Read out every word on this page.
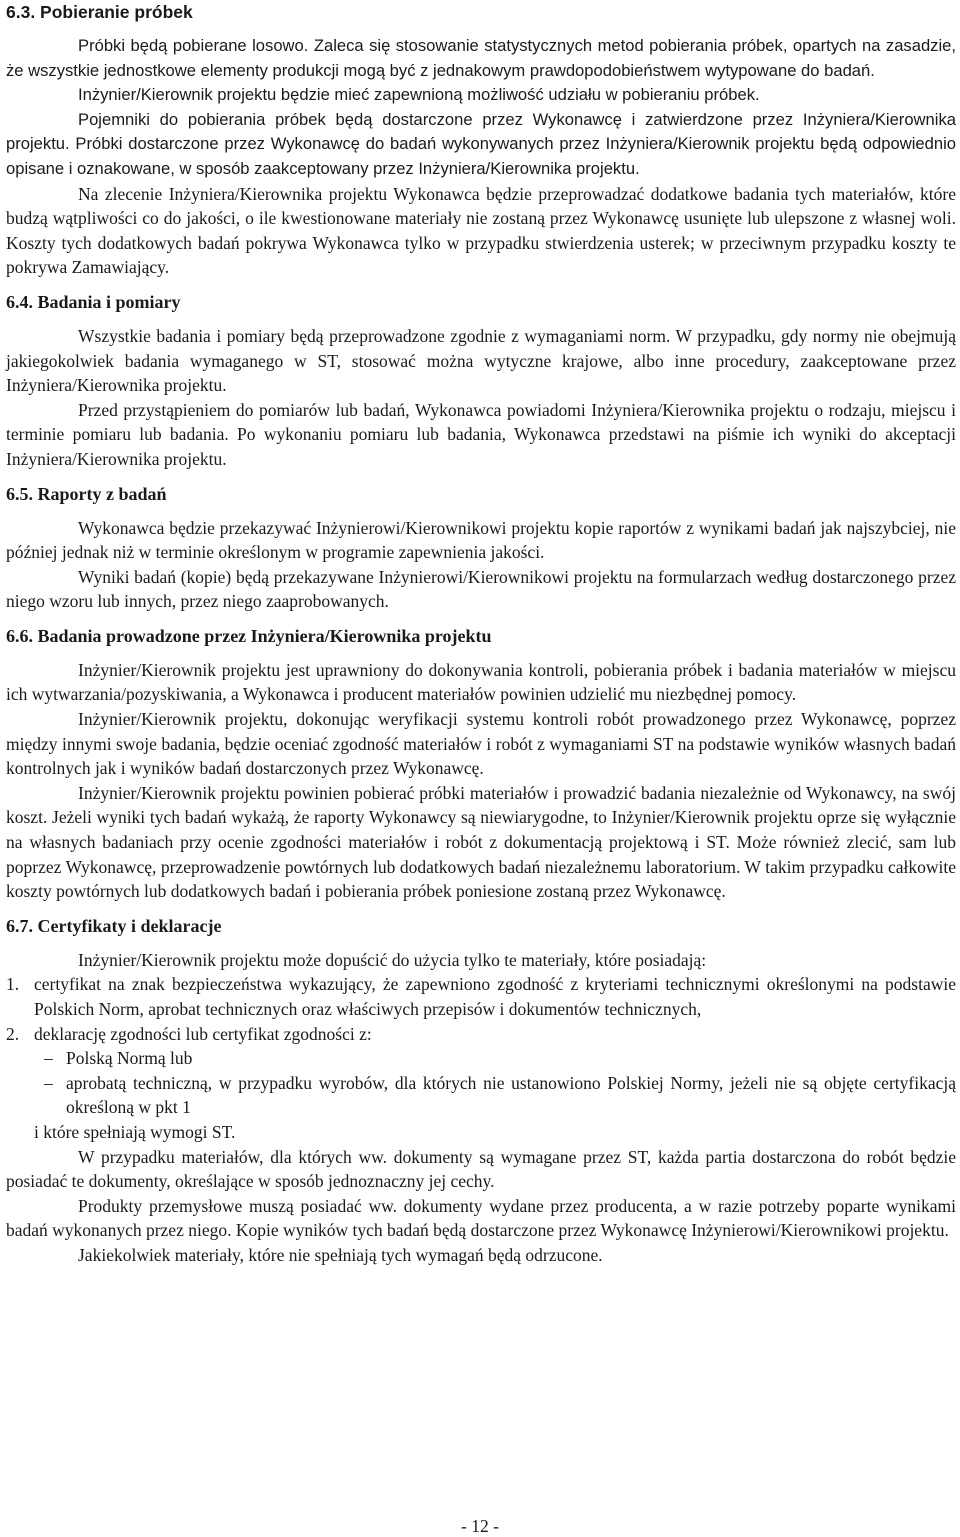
6.3. Pobieranie próbek

Próbki będą pobierane losowo. Zaleca się stosowanie statystycznych metod pobierania próbek, opartych na zasadzie, że wszystkie jednostkowe elementy produkcji mogą być z jednakowym prawdopodobieństwem wytypowane do badań.

Inżynier/Kierownik projektu będzie mieć zapewnioną możliwość udziału w pobieraniu próbek.

Pojemniki do pobierania próbek będą dostarczone przez Wykonawcę i zatwierdzone przez Inżyniera/Kierownika projektu. Próbki dostarczone przez Wykonawcę do badań wykonywanych przez Inżyniera/Kierownik projektu będą odpowiednio opisane i oznakowane, w sposób zaakceptowany przez Inżyniera/Kierownika projektu.

Na zlecenie Inżyniera/Kierownika projektu Wykonawca będzie przeprowadzać dodatkowe badania tych materiałów, które budzą wątpliwości co do jakości, o ile kwestionowane materiały nie zostaną przez Wykonawcę usunięte lub ulepszone z własnej woli. Koszty tych dodatkowych badań pokrywa Wykonawca tylko w przypadku stwierdzenia usterek; w przeciwnym przypadku koszty te pokrywa Zamawiający.

6.4. Badania i pomiary

Wszystkie badania i pomiary będą przeprowadzone zgodnie z wymaganiami norm. W przypadku, gdy normy nie obejmują jakiegokolwiek badania wymaganego w ST, stosować można wytyczne krajowe, albo inne procedury, zaakceptowane przez Inżyniera/Kierownika projektu.

Przed przystąpieniem do pomiarów lub badań, Wykonawca powiadomi Inżyniera/Kierownika projektu o rodzaju, miejscu i terminie pomiaru lub badania. Po wykonaniu pomiaru lub badania, Wykonawca przedstawi na piśmie ich wyniki do akceptacji Inżyniera/Kierownika projektu.

6.5. Raporty z badań

Wykonawca będzie przekazywać Inżynierowi/Kierownikowi projektu kopie raportów z wynikami badań jak najszybciej, nie później jednak niż w terminie określonym w programie zapewnienia jakości.

Wyniki badań (kopie) będą przekazywane Inżynierowi/Kierownikowi projektu na formularzach według dostarczonego przez niego wzoru lub innych, przez niego zaaprobowanych.

6.6. Badania prowadzone przez Inżyniera/Kierownika projektu

Inżynier/Kierownik projektu jest uprawniony do dokonywania kontroli, pobierania próbek i badania materiałów w miejscu ich wytwarzania/pozyskiwania, a Wykonawca i producent materiałów powinien udzielić mu niezbędnej pomocy.

Inżynier/Kierownik projektu, dokonując weryfikacji systemu kontroli robót prowadzonego przez Wykonawcę, poprzez między innymi swoje badania, będzie oceniać zgodność materiałów i robót z wymaganiami ST na podstawie wyników własnych badań kontrolnych jak i wyników badań dostarczonych przez Wykonawcę.

Inżynier/Kierownik projektu powinien pobierać próbki materiałów i prowadzić badania niezależnie od Wykonawcy, na swój koszt. Jeżeli wyniki tych badań wykażą, że raporty Wykonawcy są niewiarygodne, to Inżynier/Kierownik projektu oprze się wyłącznie na własnych badaniach przy ocenie zgodności materiałów i robót z dokumentacją projektową i ST. Może również zlecić, sam lub poprzez Wykonawcę, przeprowadzenie powtórnych lub dodatkowych badań niezależnemu laboratorium. W takim przypadku całkowite koszty powtórnych lub dodatkowych badań i pobierania próbek poniesione zostaną przez Wykonawcę.

6.7. Certyfikaty i deklaracje

Inżynier/Kierownik projektu może dopuścić do użycia tylko te materiały, które posiadają:

1. certyfikat na znak bezpieczeństwa wykazujący, że zapewniono zgodność z kryteriami technicznymi określonymi na podstawie Polskich Norm, aprobat technicznych oraz właściwych przepisów i dokumentów technicznych,
2. deklarację zgodności lub certyfikat zgodności z:
– Polską Normą lub
– aprobatą techniczną, w przypadku wyrobów, dla których nie ustanowiono Polskiej Normy, jeżeli nie są objęte certyfikacją określoną w pkt 1

i które spełniają wymogi ST.

W przypadku materiałów, dla których ww. dokumenty są wymagane przez ST, każda partia dostarczona do robót będzie posiadać te dokumenty, określające w sposób jednoznaczny jej cechy.

Produkty przemysłowe muszą posiadać ww. dokumenty wydane przez producenta, a w razie potrzeby poparte wynikami badań wykonanych przez niego. Kopie wyników tych badań będą dostarczone przez Wykonawcę Inżynierowi/Kierownikowi projektu.

Jakiekolwiek materiały, które nie spełniają tych wymagań będą odrzucone.

- 12 -
